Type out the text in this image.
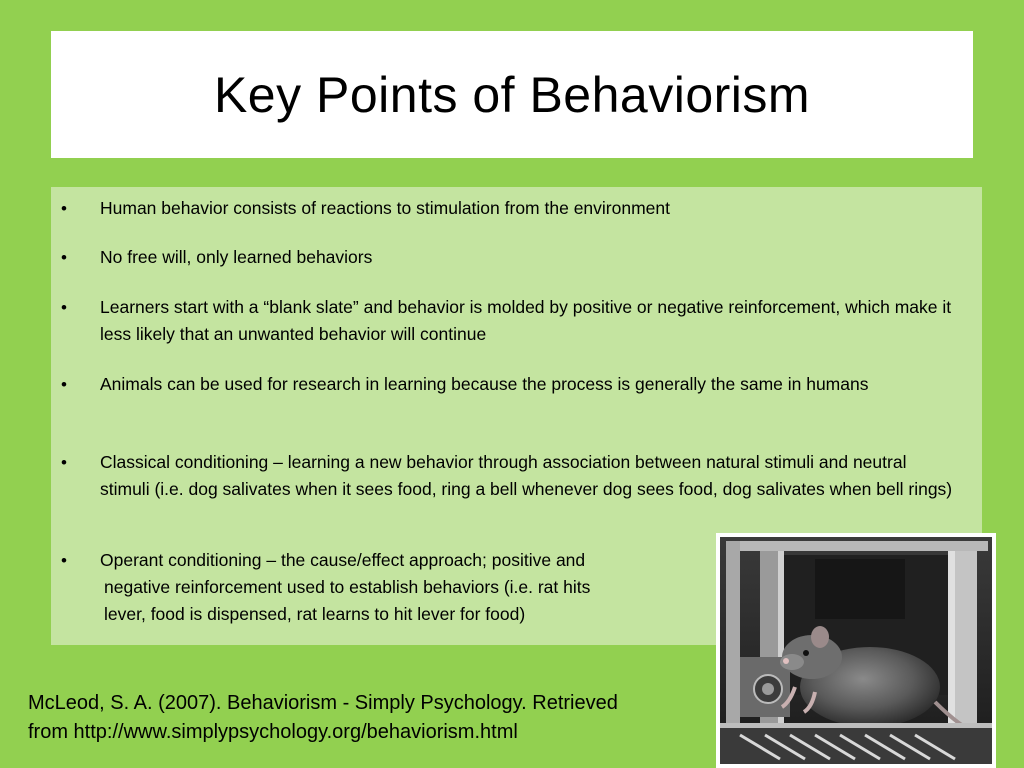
Key Points of Behaviorism
• Human behavior consists of reactions to stimulation from the environment
• No free will, only learned behaviors
• Learners start with a “blank slate” and behavior is molded by positive or negative reinforcement, which make it less likely that an unwanted behavior will continue
• Animals can be used for research in learning because the process is generally the same in humans
• Classical conditioning – learning a new behavior through association between natural stimuli and neutral stimuli (i.e. dog salivates when it sees food, ring a bell whenever dog sees food, dog salivates when bell rings)
• Operant conditioning – the cause/effect approach; positive and
negative reinforcement used to establish behaviors (i.e. rat hits
lever, food is dispensed, rat learns to hit lever for food)
McLeod, S. A. (2007). Behaviorism - Simply Psychology. Retrieved
from http://www.simplypsychology.org/behaviorism.html
